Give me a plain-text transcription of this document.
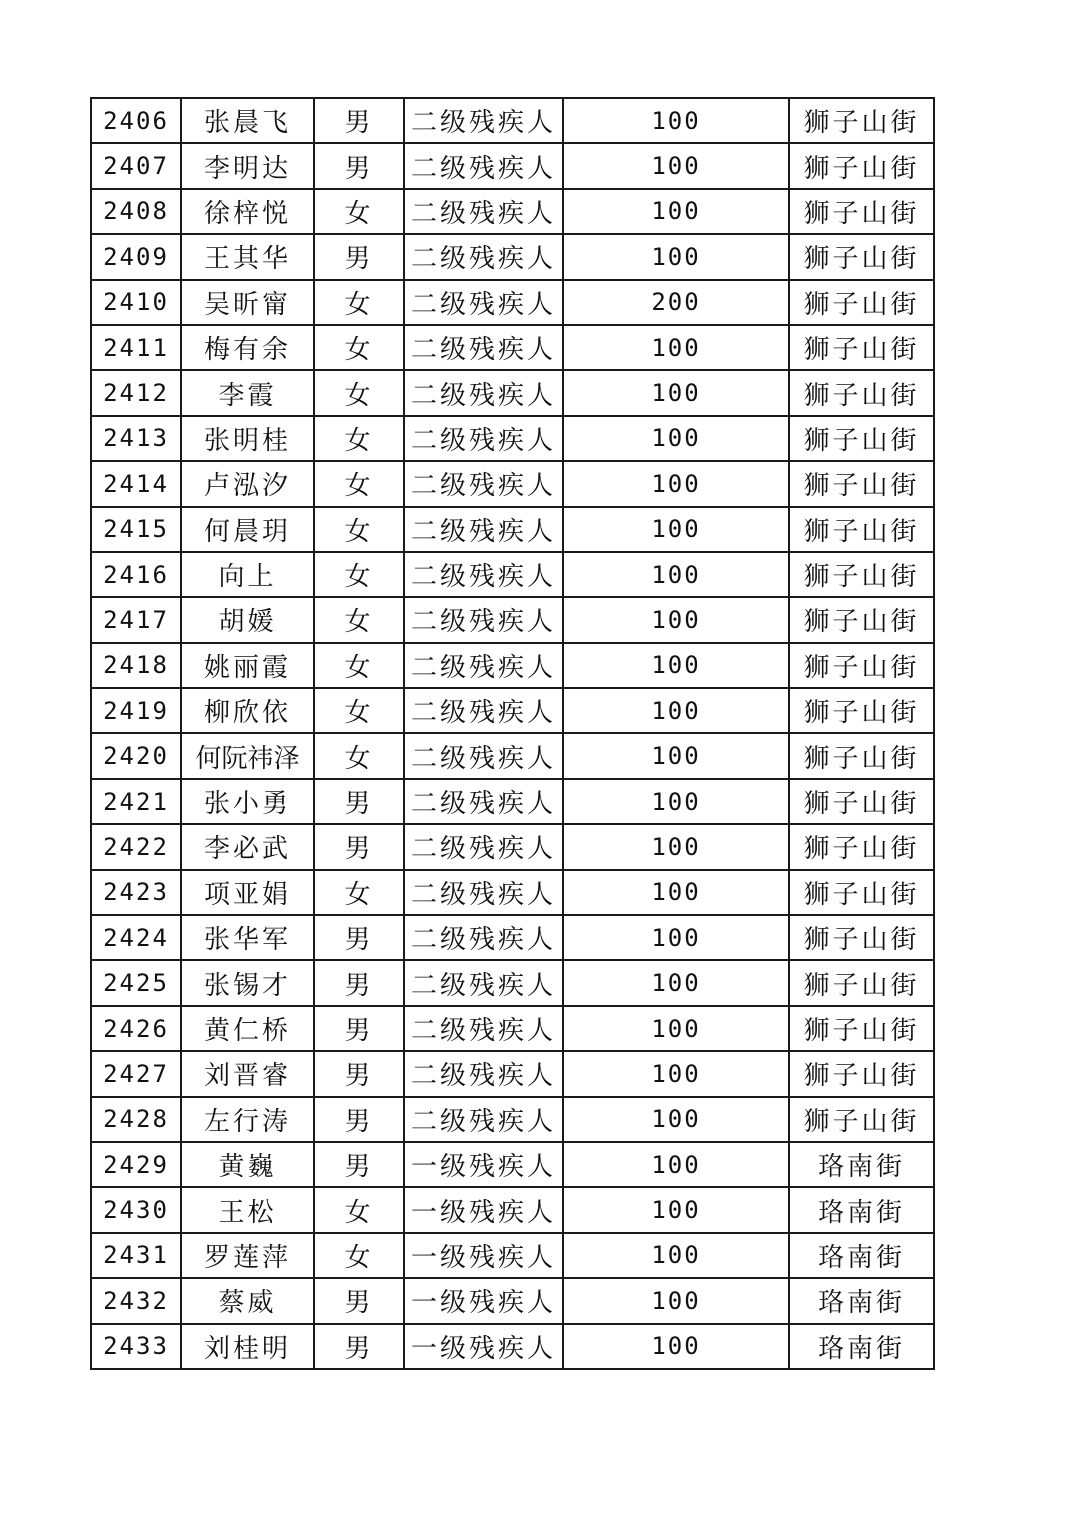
2406	张晨飞	男	二级残疾人	100	狮子山街
2407	李明达	男	二级残疾人	100	狮子山街
2408	徐梓悦	女	二级残疾人	100	狮子山街
2409	王其华	男	二级残疾人	100	狮子山街
2410	吴昕甯	女	二级残疾人	200	狮子山街
2411	梅有余	女	二级残疾人	100	狮子山街
2412	李霞	女	二级残疾人	100	狮子山街
2413	张明桂	女	二级残疾人	100	狮子山街
2414	卢泓汐	女	二级残疾人	100	狮子山街
2415	何晨玥	女	二级残疾人	100	狮子山街
2416	向上	女	二级残疾人	100	狮子山街
2417	胡媛	女	二级残疾人	100	狮子山街
2418	姚丽霞	女	二级残疾人	100	狮子山街
2419	柳欣依	女	二级残疾人	100	狮子山街
2420	何阮祎泽	女	二级残疾人	100	狮子山街
2421	张小勇	男	二级残疾人	100	狮子山街
2422	李必武	男	二级残疾人	100	狮子山街
2423	项亚娟	女	二级残疾人	100	狮子山街
2424	张华军	男	二级残疾人	100	狮子山街
2425	张锡才	男	二级残疾人	100	狮子山街
2426	黄仁桥	男	二级残疾人	100	狮子山街
2427	刘晋睿	男	二级残疾人	100	狮子山街
2428	左行涛	男	二级残疾人	100	狮子山街
2429	黄巍	男	一级残疾人	100	珞南街
2430	王松	女	一级残疾人	100	珞南街
2431	罗莲萍	女	一级残疾人	100	珞南街
2432	蔡威	男	一级残疾人	100	珞南街
2433	刘桂明	男	一级残疾人	100	珞南街
